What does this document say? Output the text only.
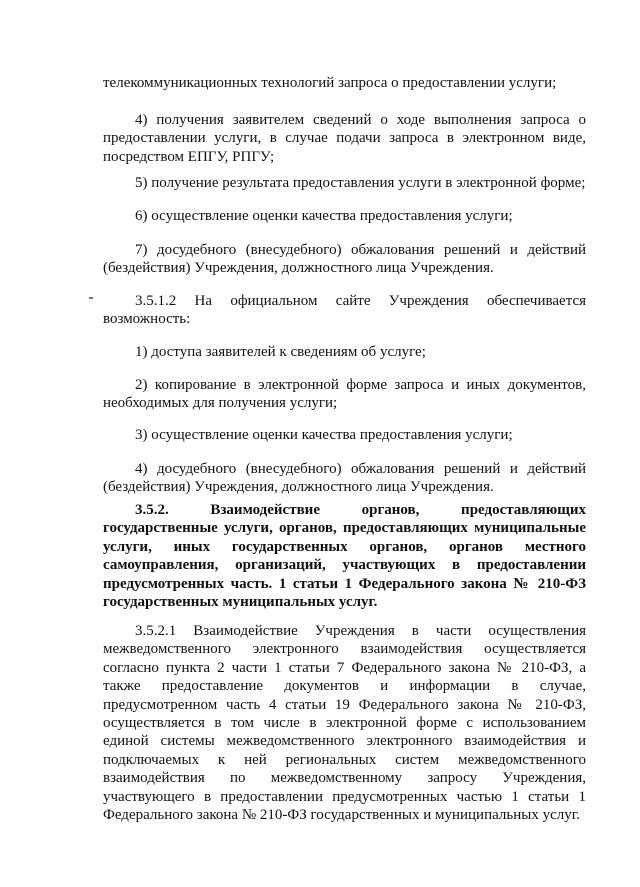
телекоммуникационных технологий запроса о предоставлении услуги;

4) получения заявителем сведений о ходе выполнения запроса о предоставлении услуги, в случае подачи запроса в электронном виде, посредством ЕПГУ, РПГУ;

5) получение результата предоставления услуги в электронной форме;

6) осуществление оценки качества предоставления услуги;

7) досудебного (внесудебного) обжалования решений и действий (бездействия) Учреждения, должностного лица Учреждения.

3.5.1.2 На официальном сайте Учреждения обеспечивается возможность:

1) доступа заявителей к сведениям об услуге;

2) копирование в электронной форме запроса и иных документов, необходимых для получения услуги;

3) осуществление оценки качества предоставления услуги;

4) досудебного (внесудебного) обжалования решений и действий (бездействия) Учреждения, должностного лица Учреждения.

3.5.2. Взаимодействие органов, предоставляющих государственные услуги, органов, предоставляющих муниципальные услуги, иных государственных органов, органов местного самоуправления, организаций, участвующих в предоставлении предусмотренных часть. 1 статьи 1 Федерального закона № 210-ФЗ государственных муниципальных услуг.

3.5.2.1 Взаимодействие Учреждения в части осуществления межведомственного электронного взаимодействия осуществляется согласно пункта 2 части 1 статьи 7 Федерального закона № 210-ФЗ, а также предоставление документов и информации в случае, предусмотренном часть 4 статьи 19 Федерального закона № 210-ФЗ, осуществляется в том числе в электронной форме с использованием единой системы межведомственного электронного взаимодействия и подключаемых к ней региональных систем межведомственного взаимодействия по межведомственному запросу Учреждения, участвующего в предоставлении предусмотренных частью 1 статьи 1 Федерального закона № 210-ФЗ государственных и муниципальных услуг.
